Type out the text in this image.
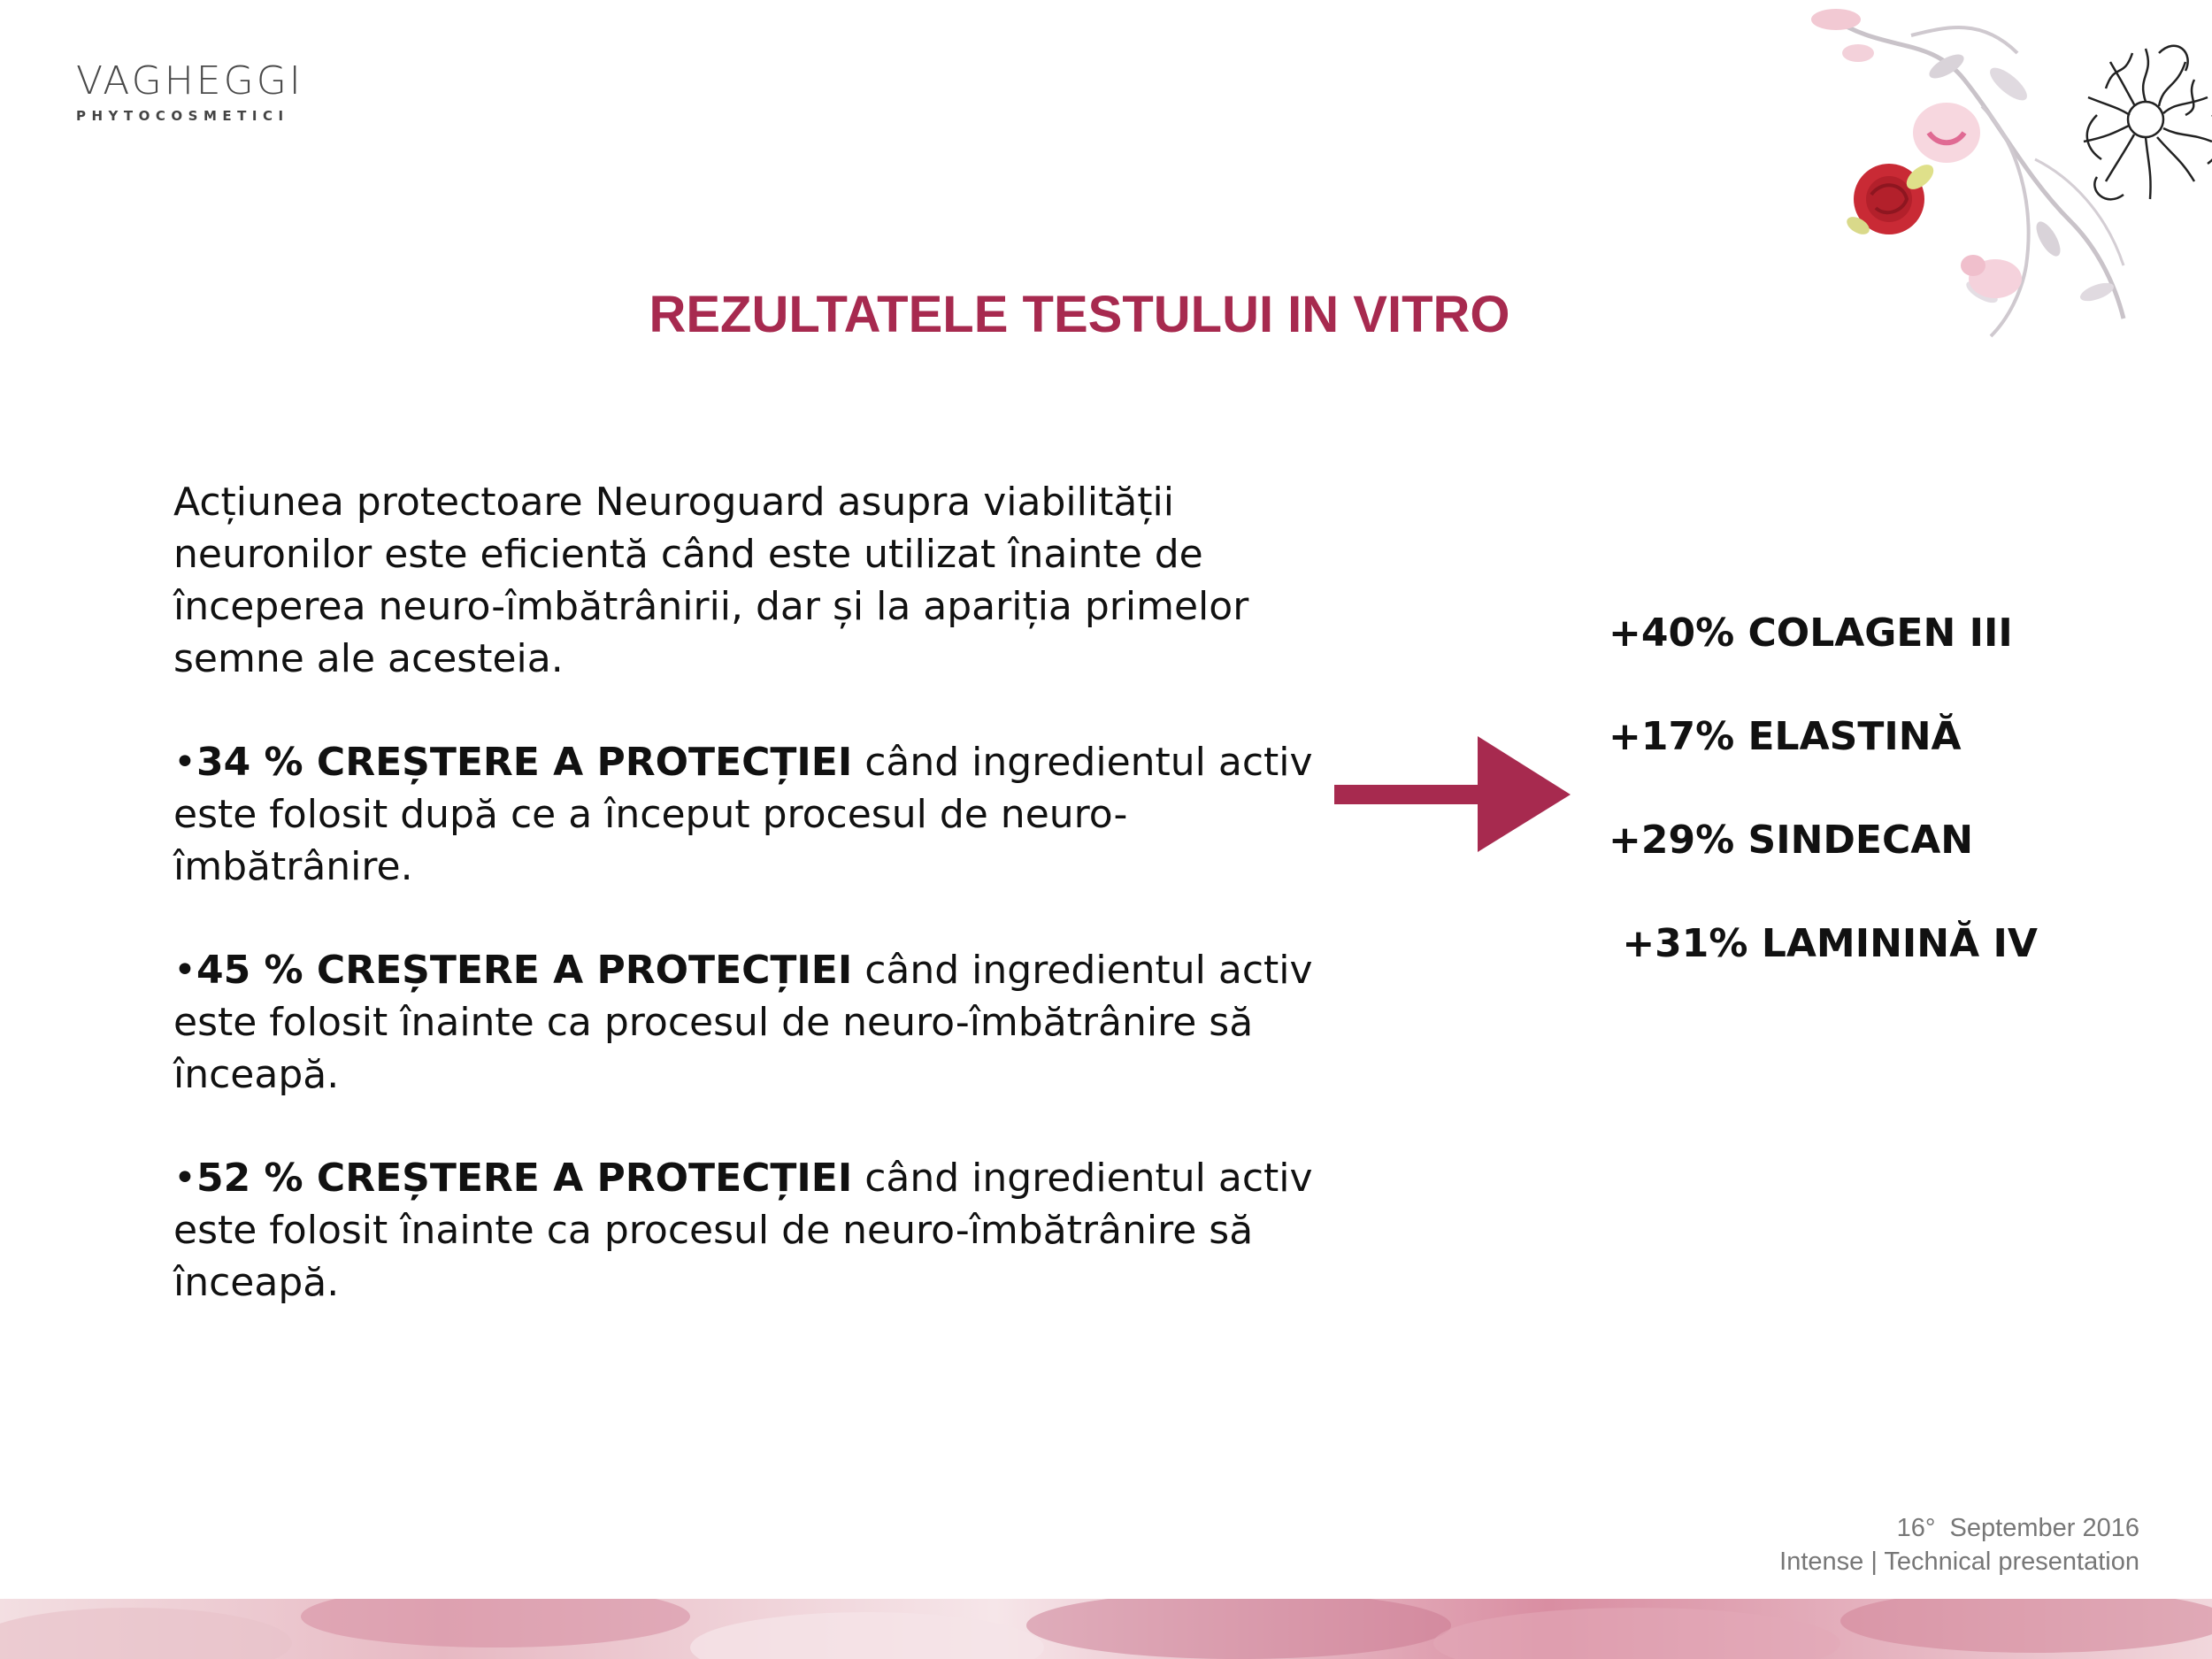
VAGHEGGI
PHYTOCOSMETICI
REZULTATELE TESTULUI IN VITRO

Acțiunea protectoare Neuroguard asupra viabilității neuronilor este eficientă când este utilizat înainte de începerea neuro-îmbătrânirii, dar și la apariția primelor semne ale acesteia.

•34 % CREȘTERE A PROTECȚIEI când ingredientul activ este folosit după ce a început procesul de neuro-îmbătrânire.

•45 % CREȘTERE A PROTECȚIEI când ingredientul activ este folosit înainte ca procesul de neuro-îmbătrânire să înceapă.

•52 % CREȘTERE A PROTECȚIEI când ingredientul activ este folosit înainte ca procesul de neuro-îmbătrânire să înceapă.

+40% COLAGEN III
+17% ELASTINĂ
+29% SINDECAN
+31% LAMININĂ IV
16°  September 2016
Intense | Technical presentation
